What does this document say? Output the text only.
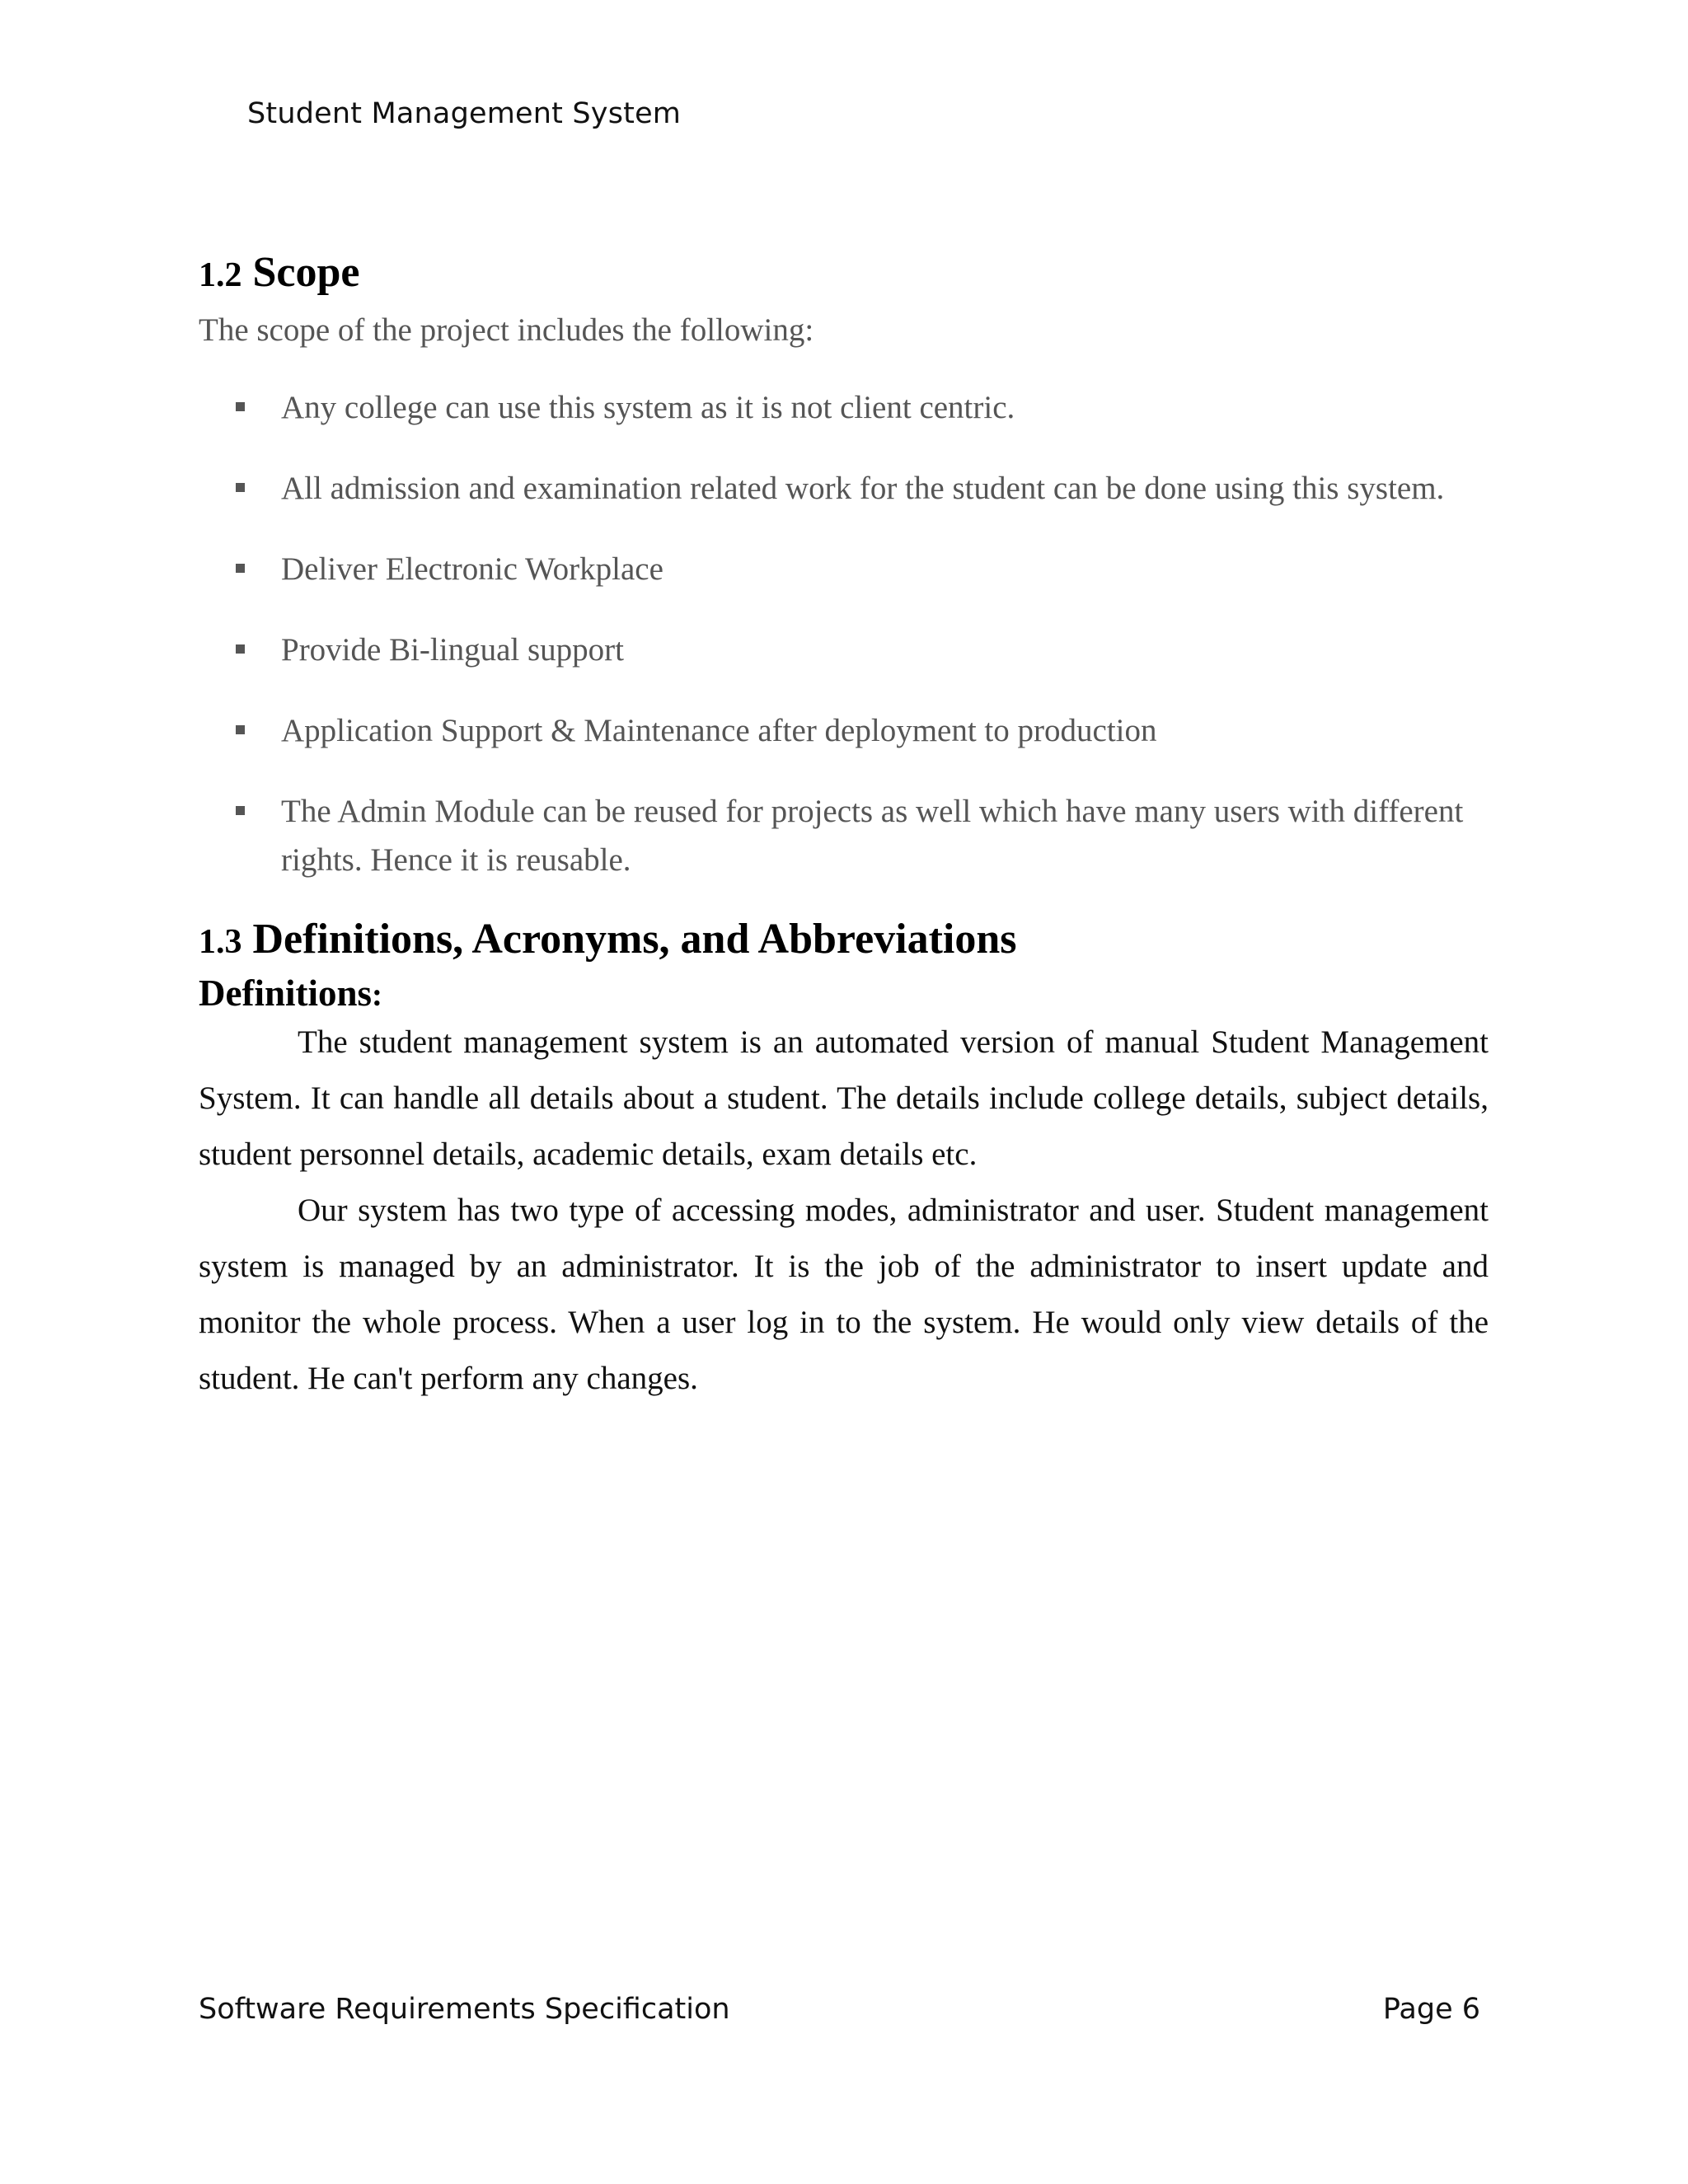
Student Management System
1.2 Scope

The scope of the project includes the following:

Any college can use this system as it is not client centric.
All admission and examination related work for the student can be done using this system.
Deliver Electronic Workplace
Provide Bi-lingual support
Application Support & Maintenance after deployment to production
The Admin Module can be reused for projects as well which have many users with different rights. Hence it is reusable.
1.3 Definitions, Acronyms, and Abbreviations
Definitions:

The student management system is an automated version of manual Student Management System. It can handle all details about a student. The details include college details, subject details, student personnel details, academic details, exam details etc.

Our system has two type of accessing modes, administrator and user. Student management system is managed by an administrator. It is the job of the administrator to insert update and monitor the whole process. When a user log in to the system. He would only view details of the student. He can't perform any changes.

Software Requirements Specification	Page 6
